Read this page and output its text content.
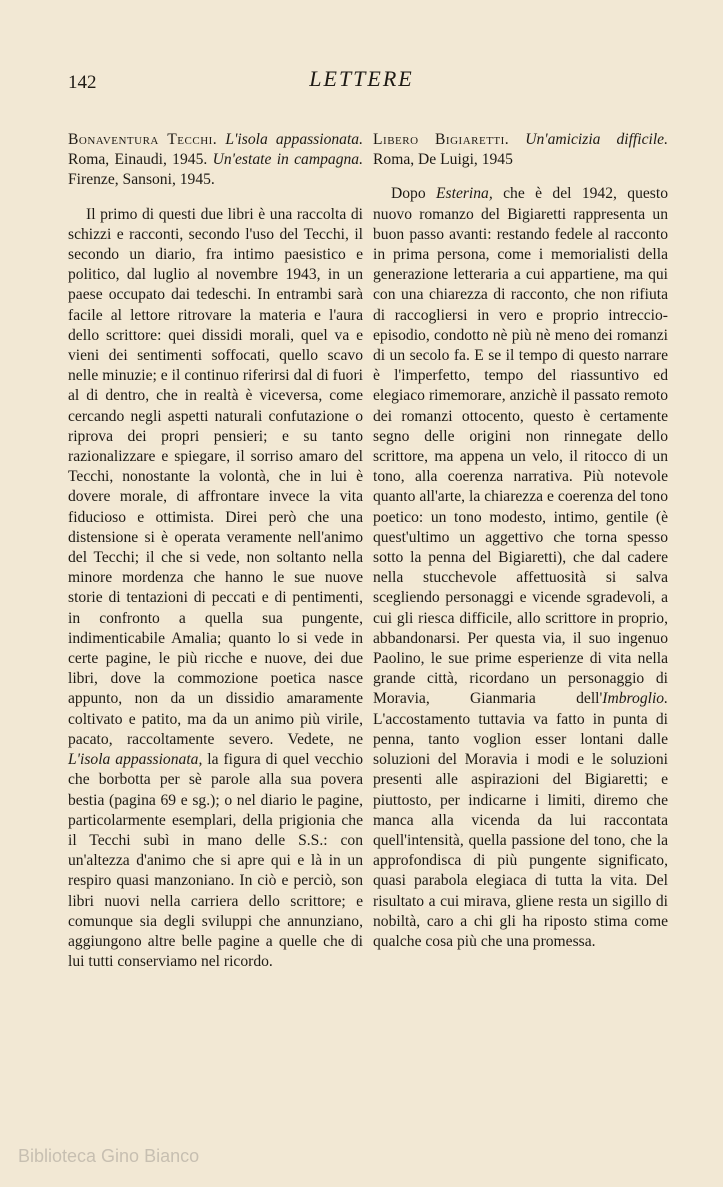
142	LETTERE

Bonaventura Tecchi. L'isola appassionata. Roma, Einaudi, 1945. Un'estate in campagna. Firenze, Sansoni, 1945.

Il primo di questi due libri è una raccolta di schizzi e racconti, secondo l'uso del Tecchi, il secondo un diario, fra intimo paesistico e politico, dal luglio al novembre 1943, in un paese occupato dai tedeschi. In entrambi sarà facile al lettore ritrovare la materia e l'aura dello scrittore: quei dissidi morali, quel va e vieni dei sentimenti soffocati, quello scavo nelle minuzie; e il continuo riferirsi dal di fuori al di dentro, che in realtà è viceversa, come cercando negli aspetti naturali confutazione o riprova dei propri pensieri; e su tanto razionalizzare e spiegare, il sorriso amaro del Tecchi, nonostante la volontà, che in lui è dovere morale, di affrontare invece la vita fiducioso e ottimista. Direi però che una distensione si è operata veramente nell'animo del Tecchi; il che si vede, non soltanto nella minore mordenza che hanno le sue nuove storie di tentazioni di peccati e di pentimenti, in confronto a quella sua pungente, indimenticabile Amalia; quanto lo si vede in certe pagine, le più ricche e nuove, dei due libri, dove la commozione poetica nasce appunto, non da un dissidio amaramente coltivato e patito, ma da un animo più virile, pacato, raccoltamente severo. Vedete, ne L'isola appassionata, la figura di quel vecchio che borbotta per sè parole alla sua povera bestia (pagina 69 e sg.); o nel diario le pagine, particolarmente esemplari, della prigionia che il Tecchi subì in mano delle S.S.: con un'altezza d'animo che si apre qui e là in un respiro quasi manzoniano. In ciò e perciò, son libri nuovi nella carriera dello scrittore; e comunque sia degli sviluppi che annunziano, aggiungono altre belle pagine a quelle che di lui tutti conserviamo nel ricordo.

Libero Bigiaretti. Un'amicizia difficile. Roma, De Luigi, 1945

Dopo Esterina, che è del 1942, questo nuovo romanzo del Bigiaretti rappresenta un buon passo avanti: restando fedele al racconto in prima persona, come i memorialisti della generazione letteraria a cui appartiene, ma qui con una chiarezza di racconto, che non rifiuta di raccogliersi in vero e proprio intreccio-episodio, condotto nè più nè meno dei romanzi di un secolo fa. E se il tempo di questo narrare è l'imperfetto, tempo del riassuntivo ed elegiaco rimemorare, anzichè il passato remoto dei romanzi ottocento, questo è certamente segno delle origini non rinnegate dello scrittore, ma appena un velo, il ritocco di un tono, alla coerenza narrativa. Più notevole quanto all'arte, la chiarezza e coerenza del tono poetico: un tono modesto, intimo, gentile (è quest'ultimo un aggettivo che torna spesso sotto la penna del Bigiaretti), che dal cadere nella stucchevole affettuosità si salva scegliendo personaggi e vicende sgradevoli, a cui gli riesca difficile, allo scrittore in proprio, abbandonarsi. Per questa via, il suo ingenuo Paolino, le sue prime esperienze di vita nella grande città, ricordano un personaggio di Moravia, Gianmaria dell'Imbroglio. L'accostamento tuttavia va fatto in punta di penna, tanto voglion esser lontani dalle soluzioni del Moravia i modi e le soluzioni presenti alle aspirazioni del Bigiaretti; e piuttosto, per indicarne i limiti, diremo che manca alla vicenda da lui raccontata quell'intensità, quella passione del tono, che la approfondisca di più pungente significato, quasi parabola elegiaca di tutta la vita. Del risultato a cui mirava, gliene resta un sigillo di nobiltà, caro a chi gli ha riposto stima come qualche cosa più che una promessa.

Biblioteca Gino Bianco
